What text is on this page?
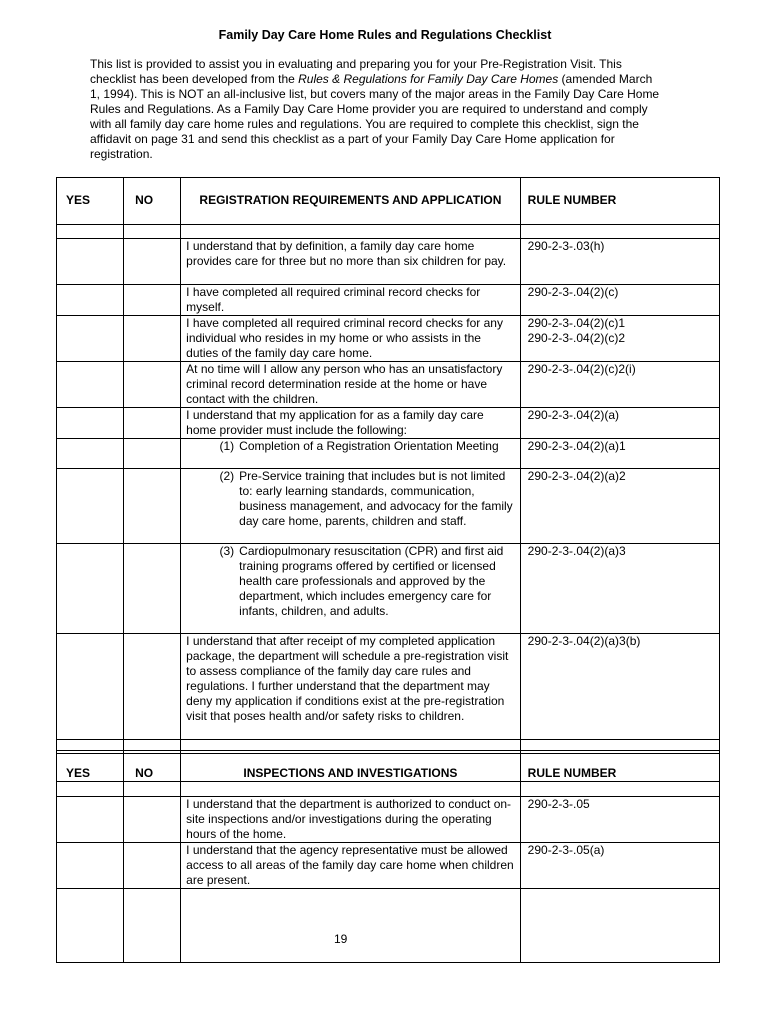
Family Day Care Home Rules and Regulations Checklist
This list is provided to assist you in evaluating and preparing you for your Pre-Registration Visit. This checklist has been developed from the Rules & Regulations for Family Day Care Homes (amended March 1, 1994). This is NOT an all-inclusive list, but covers many of the major areas in the Family Day Care Home Rules and Regulations. As a Family Day Care Home provider you are required to understand and comply with all family day care home rules and regulations. You are required to complete this checklist, sign the affidavit on page 31 and send this checklist as a part of your Family Day Care Home application for registration.
YES	NO	REGISTRATION REQUIREMENTS AND APPLICATION	RULE NUMBER

		I understand that by definition, a family day care home provides care for three but no more than six children for pay.	290-2-3-.03(h)
		I have completed all required criminal record checks for myself.	290-2-3-.04(2)(c)
		I have completed all required criminal record checks for any individual who resides in my home or who assists in the duties of the family day care home.	290-2-3-.04(2)(c)1
290-2-3-.04(2)(c)2

		At no time will I allow any person who has an unsatisfactory criminal record determination reside at the home or have contact with the children.	290-2-3-.04(2)(c)2(i)
		I understand that my application for as a family day care home provider must include the following:	290-2-3-.04(2)(a)

		(1) Completion of a Registration Orientation Meeting	290-2-3-.04(2)(a)1

		(2) Pre-Service training that includes but is not limited to: early learning standards, communication, business management, and advocacy for the family day care home, parents, children and staff.	290-2-3-.04(2)(a)2

		(3) Cardiopulmonary resuscitation (CPR) and first aid training programs offered by certified or licensed health care professionals and approved by the department, which includes emergency care for infants, children, and adults.	290-2-3-.04(2)(a)3
		I understand that after receipt of my completed application package, the department will schedule a pre-registration visit to assess compliance of the family day care rules and regulations. I further understand that the department may deny my application if conditions exist at the pre-registration visit that poses health and/or safety risks to children.	290-2-3-.04(2)(a)3(b)

YES	NO	INSPECTIONS AND INVESTIGATIONS	RULE NUMBER

		I understand that the department is authorized to conduct on-site inspections and/or investigations during the operating hours of the home.	290-2-3-.05
		I understand that the agency representative must be allowed access to all areas of the family day care home when children are present.	290-2-3-.05(a)

19
